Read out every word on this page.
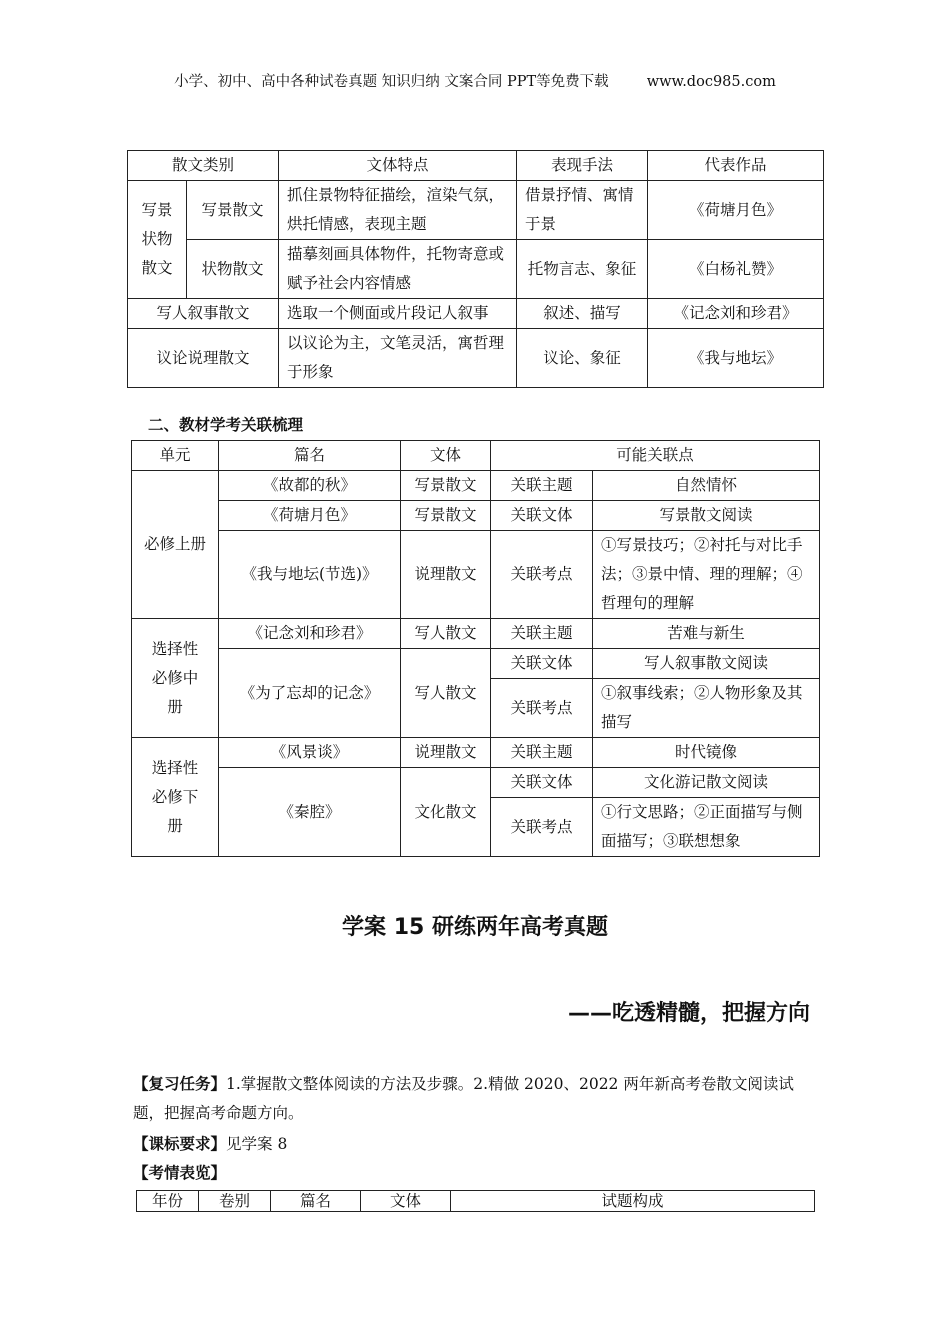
小学、初中、高中各种试卷真题 知识归纳 文案合同 PPT等免费下载	www.doc985.com
散文类别		文体特点	表现手法	代表作品
写景状物散文	写景散文	抓住景物特征描绘，渲染气氛，烘托情感，表现主题	借景抒情、寓情于景	《荷塘月色》
	状物散文	描摹刻画具体物件，托物寄意或赋予社会内容情感	托物言志、象征	《白杨礼赞》
写人叙事散文		选取一个侧面或片段记人叙事	叙述、描写	《记念刘和珍君》
议论说理散文		以议论为主，文笔灵活，寓哲理于形象	议论、象征	《我与地坛》
二、教材学考关联梳理
单元	篇名	文体	可能关联点	
必修上册	《故都的秋》	写景散文	关联主题	自然情怀
	《荷塘月色》	写景散文	关联文体	写景散文阅读
	《我与地坛(节选)》	说理散文	关联考点	①写景技巧；②衬托与对比手法；③景中情、理的理解；④哲理句的理解
选择性必修中册	《记念刘和珍君》	写人散文	关联主题	苦难与新生
	《为了忘却的记念》	写人散文	关联文体	写人叙事散文阅读
			关联考点	①叙事线索；②人物形象及其描写
选择性必修下册	《风景谈》	说理散文	关联主题	时代镜像
	《秦腔》	文化散文	关联文体	文化游记散文阅读
			关联考点	①行文思路；②正面描写与侧面描写；③联想想象
学案 15 研练两年高考真题
——吃透精髓，把握方向
【复习任务】1.掌握散文整体阅读的方法及步骤。2.精做 2020、2022 两年新高考卷散文阅读试题，把握高考命题方向。
【课标要求】见学案 8
【考情表览】
年份	卷别	篇名	文体	试题构成
